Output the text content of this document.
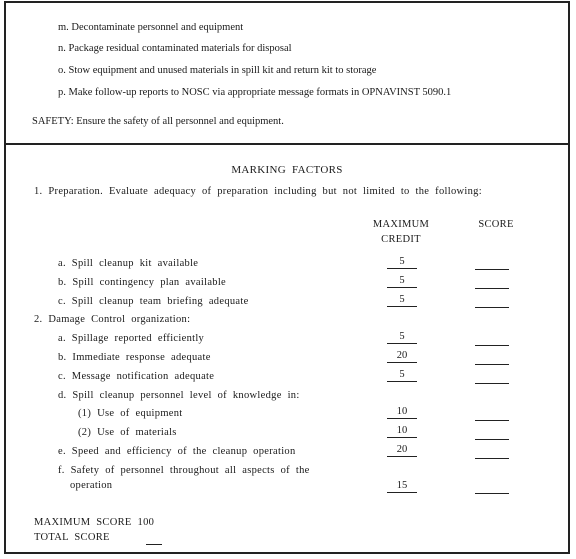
m. Decontaminate personnel and equipment
n. Package residual contaminated materials for disposal
o. Stow equipment and unused materials in spill kit and return kit to storage
p. Make follow-up reports to NOSC via appropriate message formats in OPNAVINST 5090.1
SAFETY: Ensure the safety of all personnel and equipment.
MARKING FACTORS
1. Preparation. Evaluate adequacy of preparation including but not limited to the following:
MAXIMUM
CREDIT
SCORE
a. Spill cleanup kit available	5
b. Spill contingency plan available	5
c. Spill cleanup team briefing adequate	5
2. Damage Control organization:
a. Spillage reported efficiently	5
b. Immediate response adequate	20
c. Message notification adequate	5
d. Spill cleanup personnel level of knowledge in:
(1) Use of equipment	10
(2) Use of materials	10
e. Speed and efficiency of the cleanup operation	20
f. Safety of personnel throughout all aspects of the
operation	15
MAXIMUM SCORE 100
TOTAL SCORE
